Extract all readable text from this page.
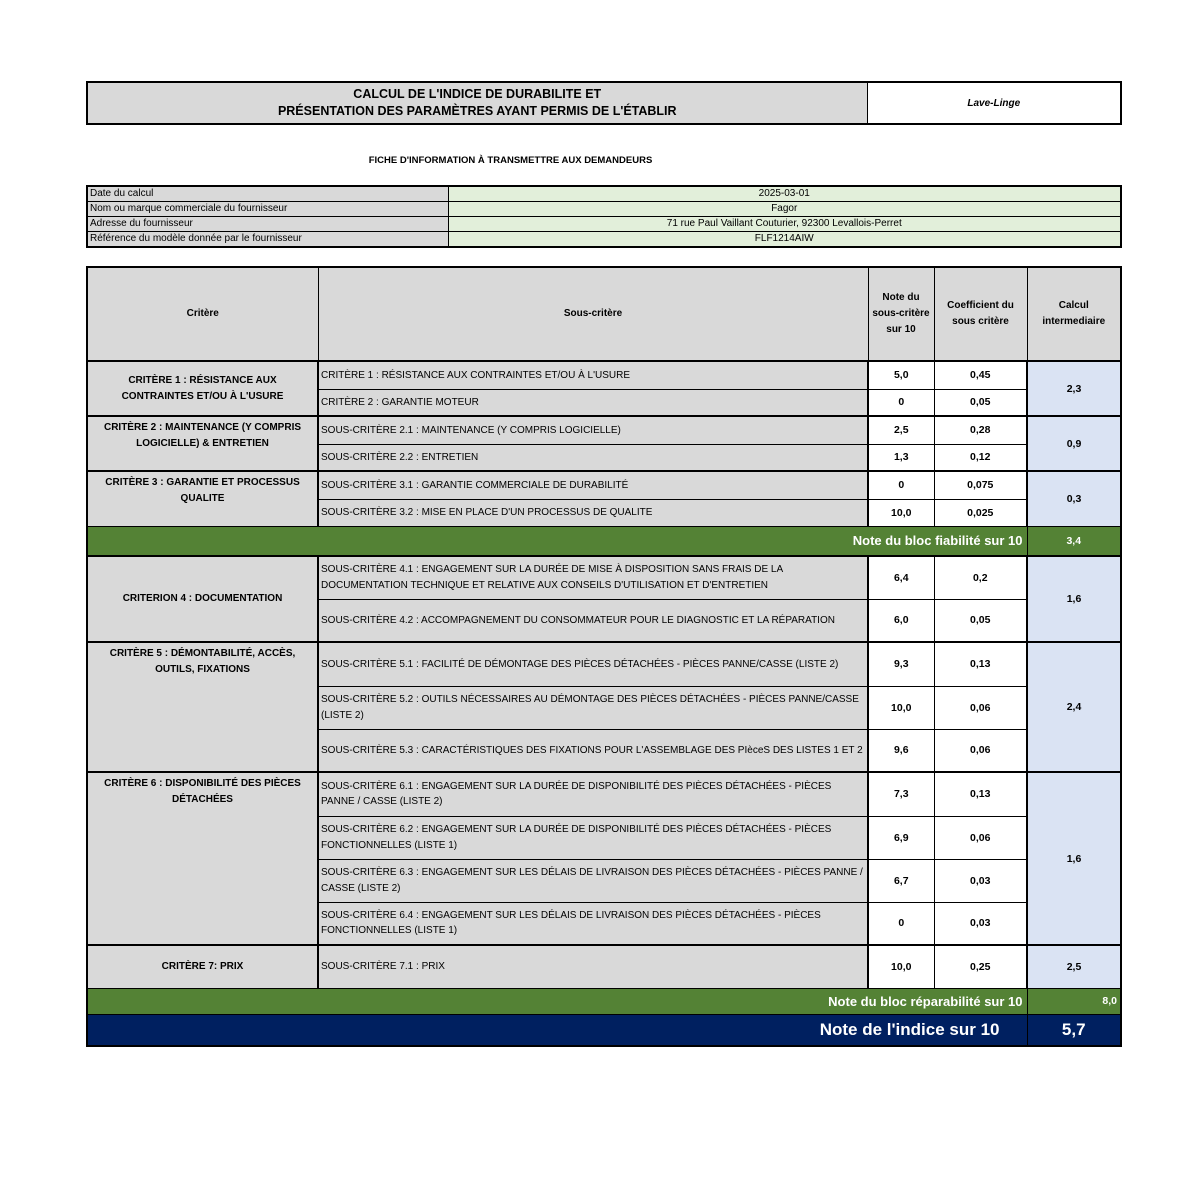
CALCUL DE L'INDICE DE DURABILITE ET
PRÉSENTATION DES PARAMÈTRES AYANT PERMIS DE L'ÉTABLIR
	Lave-Linge
FICHE D'INFORMATION À TRANSMETTRE AUX DEMANDEURS
Date du calcul	2025-03-01
Nom ou marque commerciale du fournisseur	Fagor
Adresse du fournisseur	71 rue Paul Vaillant Couturier, 92300 Levallois-Perret
Référence du modèle donnée par le fournisseur	FLF1214AIW
Critère	Sous-critère	Note du sous-critère sur 10	Coefficient du sous critère	Calcul intermediaire
CRITÈRE 1 : RÉSISTANCE AUX CONTRAINTES ET/OU À L'USURE	CRITÈRE 1 : RÉSISTANCE AUX CONTRAINTES ET/OU À L'USURE	5,0	0,45	2,3
	CRITÈRE 2 : GARANTIE MOTEUR	0	0,05	
CRITÈRE 2 : MAINTENANCE (Y COMPRIS LOGICIELLE) & ENTRETIEN	SOUS-CRITÈRE 2.1 : MAINTENANCE (Y COMPRIS LOGICIELLE)	2,5	0,28	0,9
	SOUS-CRITÈRE 2.2 : ENTRETIEN	1,3	0,12	
CRITÈRE 3 : GARANTIE ET PROCESSUS QUALITE	SOUS-CRITÈRE 3.1 : GARANTIE COMMERCIALE DE DURABILITÉ	0	0,075	0,3
	SOUS-CRITÈRE 3.2 : MISE EN PLACE D'UN PROCESSUS DE QUALITE	10,0	0,025	
Note du bloc fiabilité sur 10				3,4
CRITERION 4 : DOCUMENTATION	SOUS-CRITÈRE 4.1 : ENGAGEMENT SUR LA DURÉE DE MISE À DISPOSITION SANS FRAIS DE LA DOCUMENTATION TECHNIQUE ET RELATIVE AUX CONSEILS D'UTILISATION ET D'ENTRETIEN	6,4	0,2	1,6
	SOUS-CRITÈRE 4.2 : ACCOMPAGNEMENT DU CONSOMMATEUR POUR LE DIAGNOSTIC ET LA RÉPARATION	6,0	0,05	
CRITÈRE 5 : DÉMONTABILITÉ, ACCÈS, OUTILS, FIXATIONS	SOUS-CRITÈRE 5.1 : FACILITÉ DE DÉMONTAGE DES PIÈCES DÉTACHÉES - PIÈCES PANNE/CASSE (LISTE 2)	9,3	0,13	2,4
	SOUS-CRITÈRE 5.2 : OUTILS NÉCESSAIRES AU DÉMONTAGE DES PIÈCES DÉTACHÉES - PIÈCES PANNE/CASSE (LISTE 2)	10,0	0,06	
	SOUS-CRITÈRE 5.3 : CARACTÉRISTIQUES DES FIXATIONS POUR L'ASSEMBLAGE DES PIèceS DES LISTES 1 ET 2	9,6	0,06	
CRITÈRE 6 : DISPONIBILITÉ DES PIÈCES DÉTACHÉES	SOUS-CRITÈRE 6.1 : ENGAGEMENT SUR LA DURÉE DE DISPONIBILITÉ DES PIÈCES DÉTACHÉES - PIÈCES PANNE / CASSE (LISTE 2)	7,3	0,13	1,6
	SOUS-CRITÈRE 6.2 : ENGAGEMENT SUR LA DURÉE DE DISPONIBILITÉ DES PIÈCES DÉTACHÉES - PIÈCES FONCTIONNELLES (LISTE 1)	6,9	0,06	
	SOUS-CRITÈRE 6.3 : ENGAGEMENT SUR LES DÉLAIS DE LIVRAISON DES PIÈCES DÉTACHÉES - PIÈCES PANNE / CASSE (LISTE 2)	6,7	0,03	
	SOUS-CRITÈRE 6.4 : ENGAGEMENT SUR LES DÉLAIS DE LIVRAISON DES PIÈCES DÉTACHÉES - PIÈCES FONCTIONNELLES (LISTE 1)	0	0,03	
CRITÈRE 7: PRIX	SOUS-CRITÈRE 7.1 : PRIX	10,0	0,25	2,5
Note du bloc réparabilité sur 10				8,0
Note de l'indice sur 10				5,7
